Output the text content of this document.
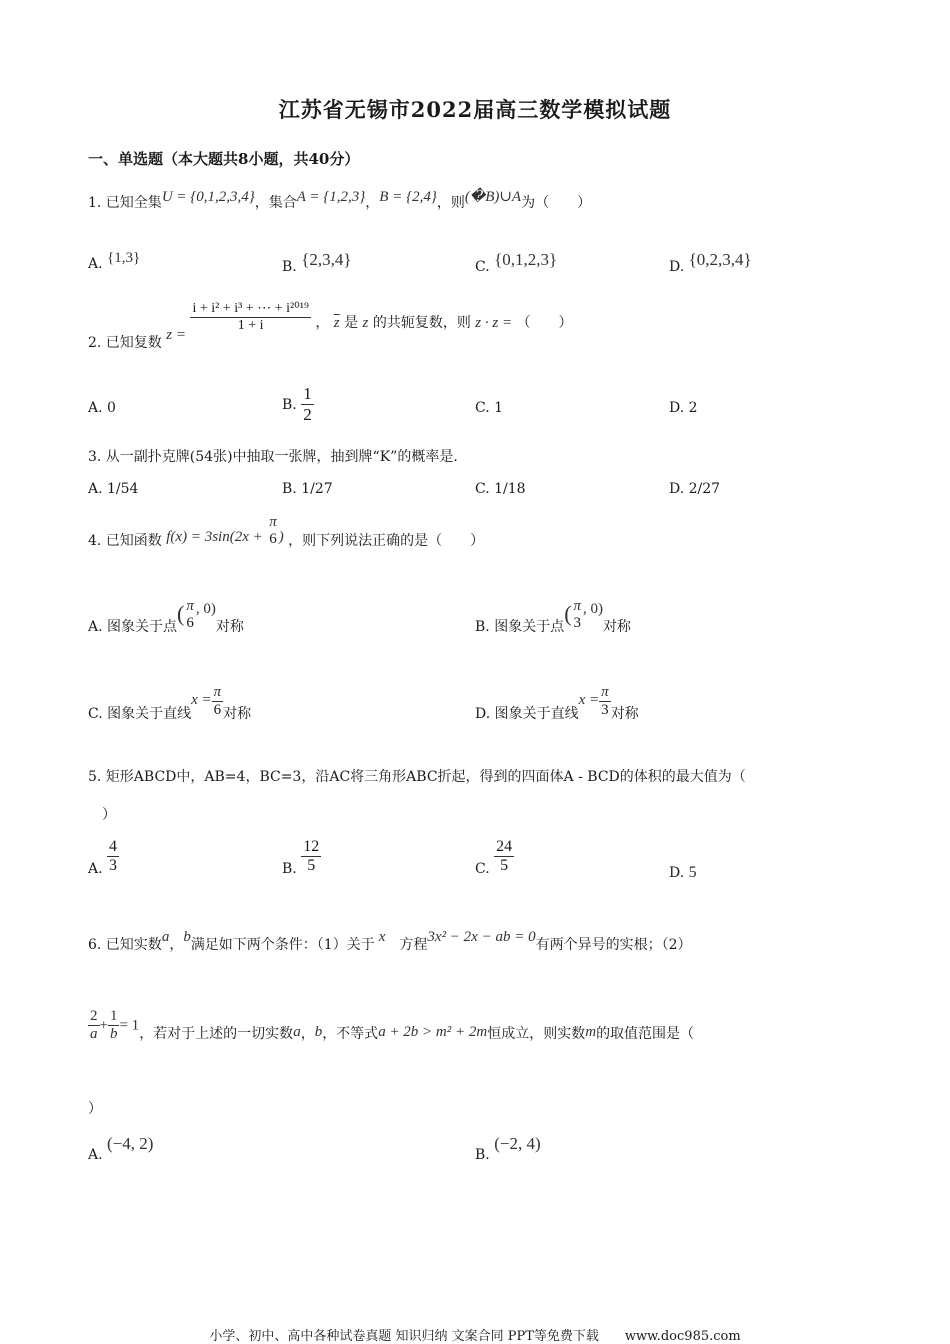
江苏省无锡市2022届高三数学模拟试题
一、单选题（本大题共8小题，共40分）
1. 已知全集U = {0,1,2,3,4}，集合A = {1,2,3}，B = {2,4}，则(�B)∪A为（　　）
A. {1,3}
B. {2,3,4}	C. {0,1,2,3}	D. {0,2,3,4}
2. 已知复数 z =
$\frac{\text{i + i² + i³ + ⋯ + i²⁰¹⁹}}{1 + i}$ ， $\overline{z}$ 是 z 的共轭复数，则 z · z = （　　）
A. 0	B. $\frac{1}{2}$	C. 1	D. 2
3. 从一副扑克牌(54张)中抽取一张牌，抽到牌“K”的概率是.
A. 1/54	B. 1/27	C. 1/18	D. 2/27
4. 已知函数 f(x) = 3sin(2x +
π
6 ) ，则下列说法正确的是（　　）
A. 图象关于点( π
6
, 0)对称	B. 图象关于点( π
3
, 0)对称
C. 图象关于直线$x = \frac{\pi}{6}$ 对称	D. 图象关于直线$x = \frac{\pi}{3}$ 对称
5. 矩形ABCD中，AB=4，BC=3，沿AC将三角形ABC折起，得到的四面体A - BCD的体积的最大值为（
）
A. $\frac{4}{3}$	B. $\frac{12}{5}$	C. $\frac{24}{5}$	D. 5
6. 已知实数a，b满足如下两个条件：（1）关于 x 方程3x² − 2x − ab = 0有两个异号的实根；（2）
$\frac{2}{a} + \frac{1}{b} = 1$，若对于上述的一切实数a，b，不等式a + 2b > m² + 2m恒成立，则实数m的取值范围是（
）
A. (−4, 2)
B. (−2, 4)
小学、初中、高中各种试卷真题 知识归纳 文案合同 PPT等免费下载　　www.doc985.com
